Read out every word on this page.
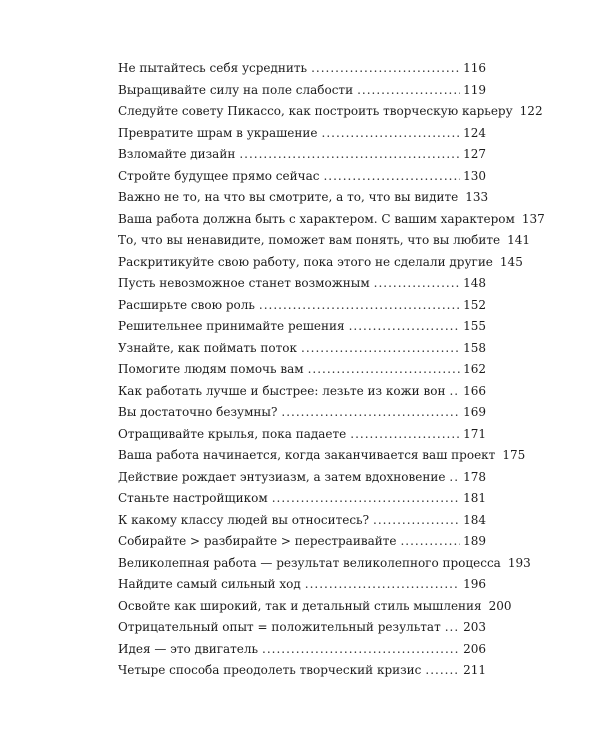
Не пытайтесь себя усреднить .....	116
Выращивайте силу на поле слабости .....	119
Следуйте совету Пикассо, как построить творческую карьеру 122
Превратите шрам в украшение .....	124
Взломайте дизайн .....	127
Стройте будущее прямо сейчас .....	130
Важно не то, на что вы смотрите, а то, что вы видите 133
Ваша работа должна быть с характером. С вашим характером 137
То, что вы ненавидите, поможет вам понять, что вы любите 141
Раскритикуйте свою работу, пока этого не сделали другие 145
Пусть невозможное станет возможным .....	148
Расширьте свою роль .....	152
Решительнее принимайте решения .....	155
Узнайте, как поймать поток .....	158
Помогите людям помочь вам .....	162
Как работать лучше и быстрее: лезьте из кожи вон ..... 166
Вы достаточно безумны? .....	169
Отращивайте крылья, пока падаете .....	171
Ваша работа начинается, когда заканчивается ваш проект 175
Действие рождает энтузиазм, а затем вдохновение ..... 178
Станьте настройщиком .....	181
К какому классу людей вы относитесь? .....	184
Собирайте > разбирайте > перестраивайте .....	189
Великолепная работа — результат великолепного процесса 193
Найдите самый сильный ход .....	196
Освойте как широкий, так и детальный стиль мышления 200
Отрицательный опыт = положительный результат ..... 203
Идея — это двигатель .....	206
Четыре способа преодолеть творческий кризис .....	211
